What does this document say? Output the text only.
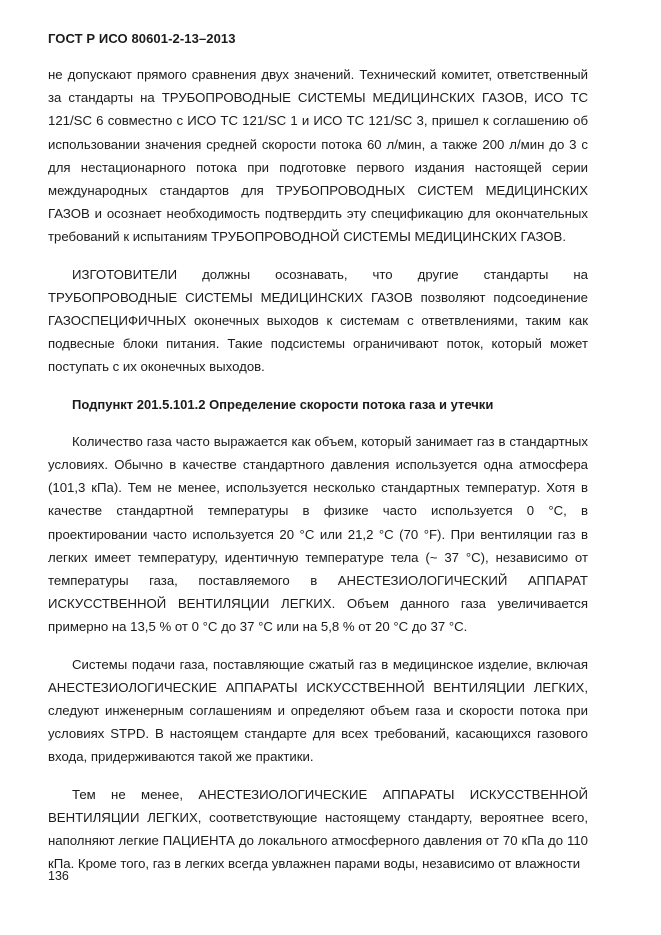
ГОСТ Р ИСО 80601-2-13–2013

не допускают прямого сравнения двух значений. Технический комитет, ответственный за стандарты на ТРУБОПРОВОДНЫЕ СИСТЕМЫ МЕДИЦИНСКИХ ГАЗОВ, ИСО ТС 121/SC 6 совместно с ИСО ТС 121/SC 1 и ИСО ТС 121/SC 3, пришел к соглашению об использовании значения средней скорости потока 60 л/мин, а также 200 л/мин до 3 с для нестационарного потока при подготовке первого издания настоящей серии международных стандартов для ТРУБОПРОВОДНЫХ СИСТЕМ МЕДИЦИНСКИХ ГАЗОВ и осознает необходимость подтвердить эту спецификацию для окончательных требований к испытаниям ТРУБОПРОВОДНОЙ СИСТЕМЫ МЕДИЦИНСКИХ ГАЗОВ.

ИЗГОТОВИТЕЛИ должны осознавать, что другие стандарты на ТРУБОПРОВОДНЫЕ СИСТЕМЫ МЕДИЦИНСКИХ ГАЗОВ позволяют подсоединение ГАЗОСПЕЦИФИЧНЫХ оконечных выходов к системам с ответвлениями, таким как подвесные блоки питания. Такие подсистемы ограничивают поток, который может поступать с их оконечных выходов.

Подпункт 201.5.101.2 Определение скорости потока газа и утечки

Количество газа часто выражается как объем, который занимает газ в стандартных условиях. Обычно в качестве стандартного давления используется одна атмосфера (101,3 кПа). Тем не менее, используется несколько стандартных температур. Хотя в качестве стандартной температуры в физике часто используется 0 °С, в проектировании часто используется 20 °С или 21,2 °С (70 °F). При вентиляции газ в легких имеет температуру, идентичную температуре тела (~ 37 °С), независимо от температуры газа, поставляемого в АНЕСТЕЗИОЛОГИЧЕСКИЙ АППАРАТ ИСКУССТВЕННОЙ ВЕНТИЛЯЦИИ ЛЕГКИХ. Объем данного газа увеличивается примерно на 13,5 % от 0 °С до 37 °С или на 5,8 % от 20 °С до 37 °С.

Системы подачи газа, поставляющие сжатый газ в медицинское изделие, включая АНЕСТЕЗИОЛОГИЧЕСКИЕ АППАРАТЫ ИСКУССТВЕННОЙ ВЕНТИЛЯЦИИ ЛЕГКИХ, следуют инженерным соглашениям и определяют объем газа и скорости потока при условиях STPD. В настоящем стандарте для всех требований, касающихся газового входа, придерживаются такой же практики.

Тем не менее, АНЕСТЕЗИОЛОГИЧЕСКИЕ АППАРАТЫ ИСКУССТВЕННОЙ ВЕНТИЛЯЦИИ ЛЕГКИХ, соответствующие настоящему стандарту, вероятнее всего, наполняют легкие ПАЦИЕНТА до локального атмосферного давления от 70 кПа до 110 кПа. Кроме того, газ в легких всегда увлажнен парами воды, независимо от влажности

136
